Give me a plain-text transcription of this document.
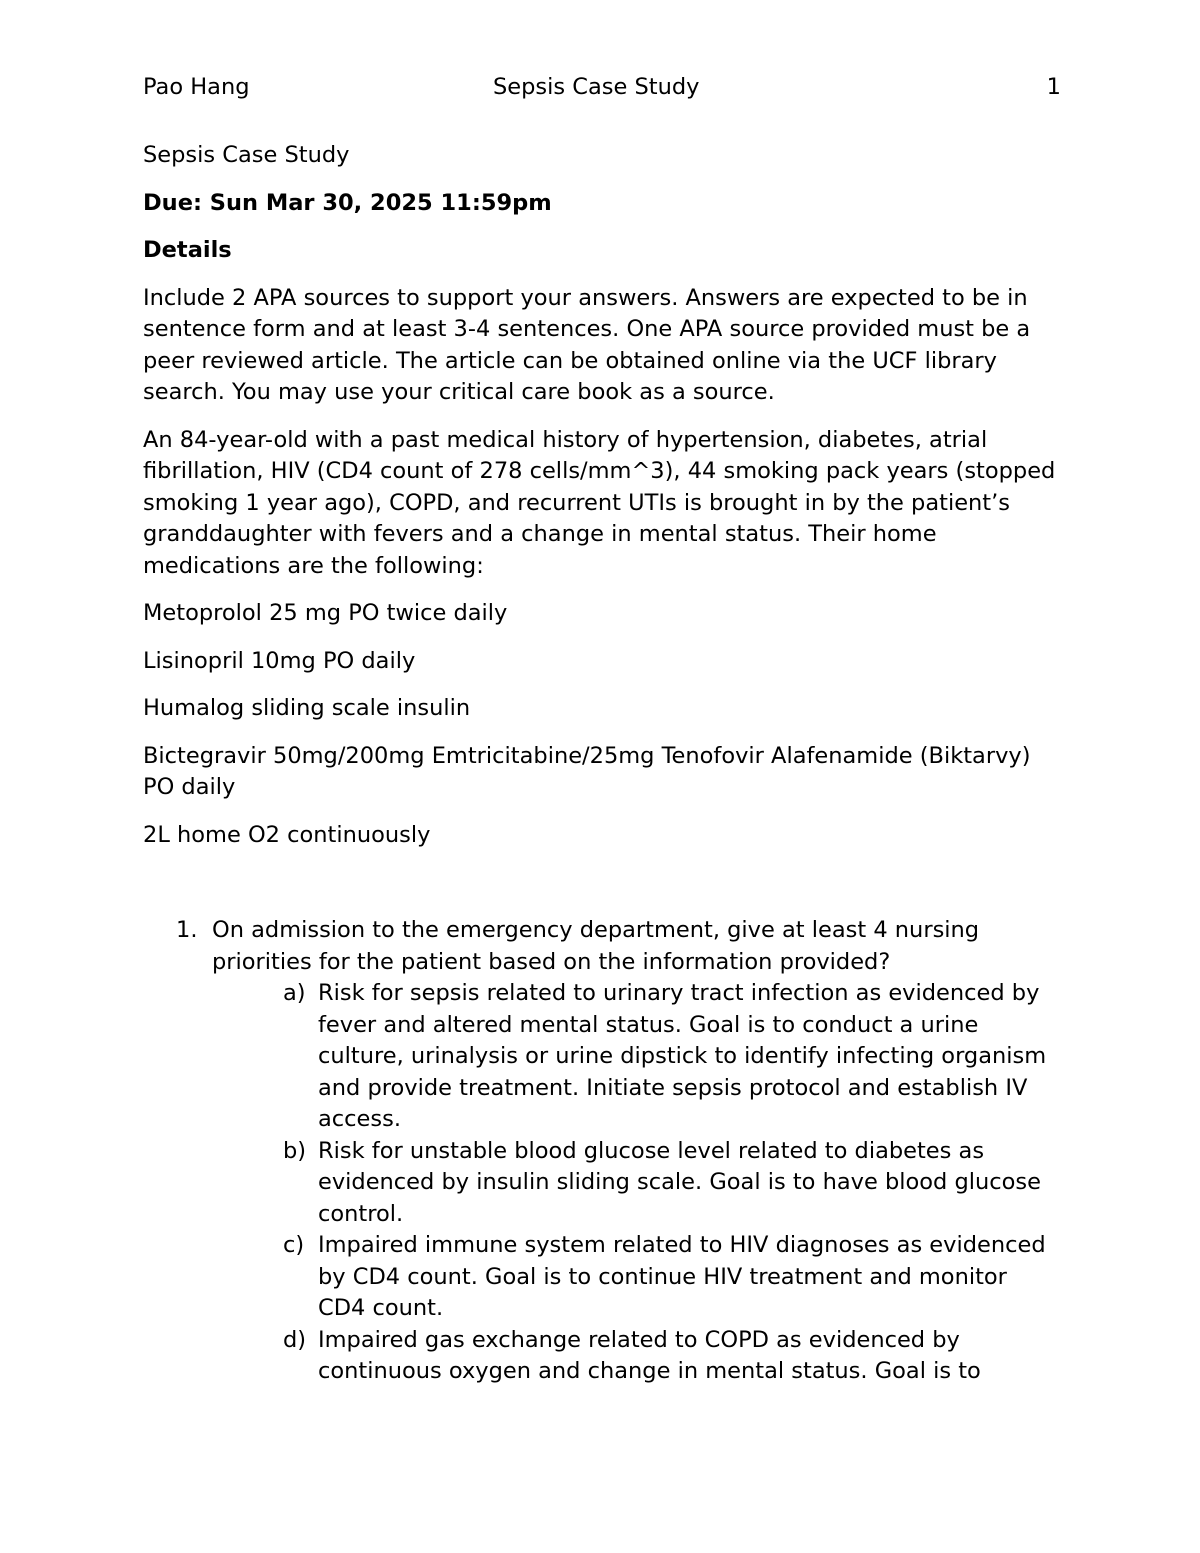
Pao Hang	Sepsis Case Study	1

Sepsis Case Study

Due: Sun Mar 30, 2025 11:59pm

Details

Include 2 APA sources to support your answers. Answers are expected to be in sentence form and at least 3-4 sentences. One APA source provided must be a peer reviewed article. The article can be obtained online via the UCF library search. You may use your critical care book as a source.

An 84-year-old with a past medical history of hypertension, diabetes, atrial fibrillation, HIV (CD4 count of 278 cells/mm^3), 44 smoking pack years (stopped smoking 1 year ago), COPD, and recurrent UTIs is brought in by the patient’s granddaughter with fevers and a change in mental status. Their home medications are the following:

Metoprolol 25 mg PO twice daily

Lisinopril 10mg PO daily

Humalog sliding scale insulin

Bictegravir 50mg/200mg Emtricitabine/25mg Tenofovir Alafenamide (Biktarvy) PO daily

2L home O2 continuously

1. On admission to the emergency department, give at least 4 nursing priorities for the patient based on the information provided?
a) Risk for sepsis related to urinary tract infection as evidenced by fever and altered mental status. Goal is to conduct a urine culture, urinalysis or urine dipstick to identify infecting organism and provide treatment. Initiate sepsis protocol and establish IV access.
b) Risk for unstable blood glucose level related to diabetes as evidenced by insulin sliding scale. Goal is to have blood glucose control.
c) Impaired immune system related to HIV diagnoses as evidenced by CD4 count. Goal is to continue HIV treatment and monitor CD4 count.
d) Impaired gas exchange related to COPD as evidenced by continuous oxygen and change in mental status. Goal is to
